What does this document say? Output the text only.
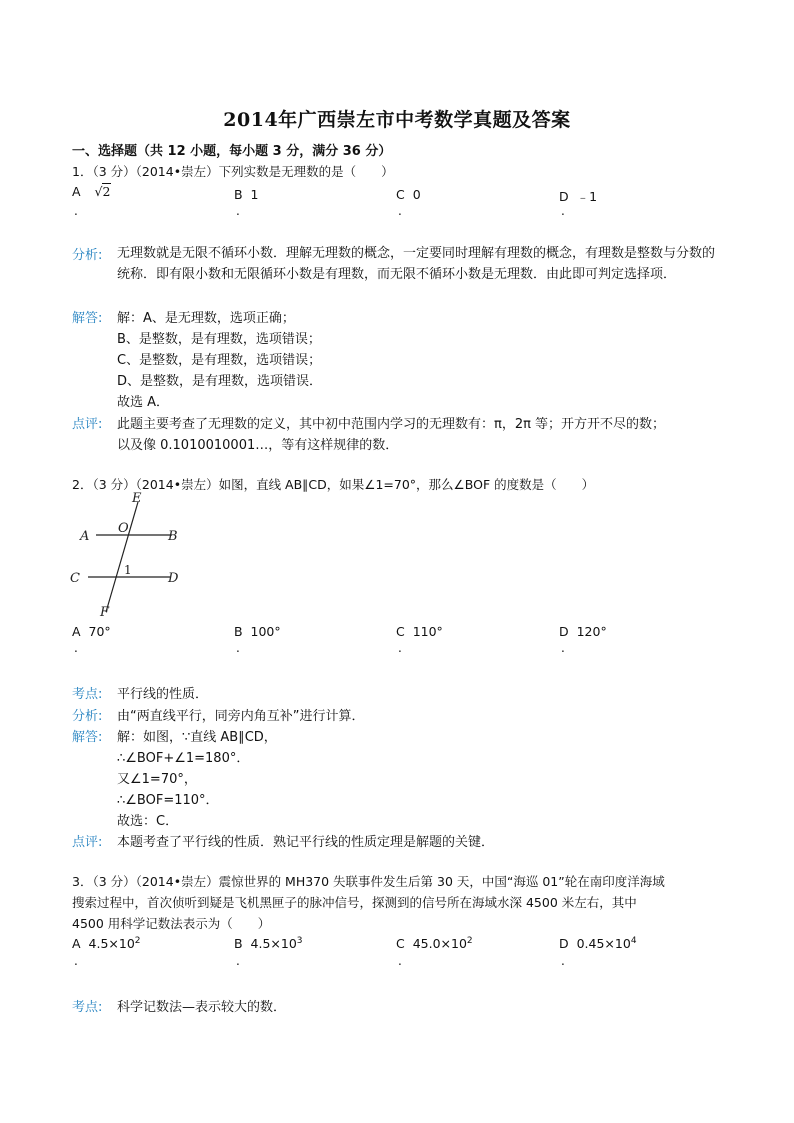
2014年广西崇左市中考数学真题及答案
一、选择题（共 12 小题，每小题 3 分，满分 36 分）
1．（3 分）（2014•崇左）下列实数是无理数的是（　　）
A √2	B 1	C 0	D ﹣1
.	.	.	.
分析: 无理数就是无限不循环小数．理解无理数的概念，一定要同时理解有理数的概念，有理数是整数与分数的统称．即有限小数和无限循环小数是有理数，而无限不循环小数是无理数．由此即可判定选择项．
解答: 解：A、是无理数，选项正确；
B、是整数，是有理数，选项错误；
C、是整数，是有理数，选项错误；
D、是整数，是有理数，选项错误．
故选 A．
点评: 此题主要考查了无理数的定义，其中初中范围内学习的无理数有：π，2π 等；开方开不尽的数；
以及像 0.1010010001…，等有这样规律的数．
2．（3 分）（2014•崇左）如图，直线 AB∥CD，如果∠1=70°，那么∠BOF 的度数是（　　）
E
O
A	B
C	D
F
1
A 70°	B 100°	C 110°	D 120°
.	.	.	.
考点: 平行线的性质．
分析: 由“两直线平行，同旁内角互补”进行计算．
解答: 解：如图，∵直线 AB∥CD，
∴∠BOF+∠1=180°．
又∠1=70°，
∴∠BOF=110°．
故选：C．
点评: 本题考查了平行线的性质．熟记平行线的性质定理是解题的关键．
3．（3 分）（2014•崇左）震惊世界的 MH370 失联事件发生后第 30 天，中国“海巡 01”轮在南印度洋海域
搜索过程中，首次侦听到疑是飞机黑匣子的脉冲信号，探测到的信号所在海域水深 4500 米左右，其中
4500 用科学记数法表示为（　　）
A $4.5\times 10^2$	B $4.5\times 10^3$	C $45.0\times 10^2$	D $0.45\times 10^4$
.	.	.	.
考点: 科学记数法—表示较大的数．
